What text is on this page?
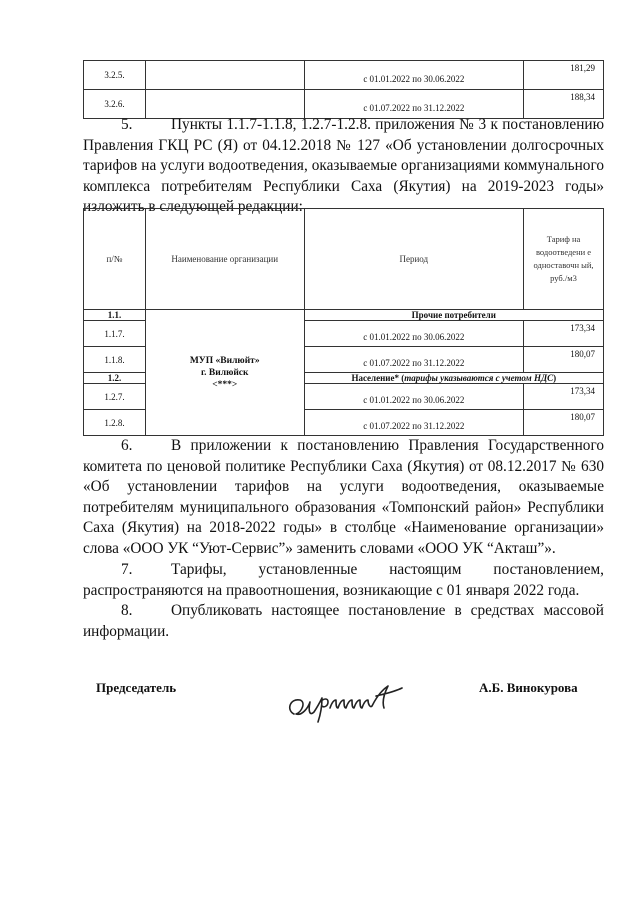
3.2.5.		с 01.01.2022 по 30.06.2022	181,29

3.2.6.		с 01.07.2022 по 31.12.2022	188,34
5.	Пункты 1.1.7-1.1.8, 1.2.7-1.2.8. приложения № 3 к постановлению Правления ГКЦ РС (Я) от 04.12.2018 № 127 «Об установлении долгосрочных тарифов на услуги водоотведения, оказываемые организациями коммунального комплекса потребителям Республики Саха (Якутия) на 2019-2023 годы» изложить в следующей редакции:
п/№	Наименование организации	Период	Тариф на водоотведени е одноставочн ый, руб./м3
1.1.	МУП «Вилюйт»
г. Вилюйск
<***>	Прочие потребители	
1.1.7.		с 01.01.2022 по 30.06.2022	173,34

1.1.8.		с 01.07.2022 по 31.12.2022	180,07

1.2.		Население* (тарифы указываются с учетом НДС)	
1.2.7.		с 01.01.2022 по 30.06.2022	173,34

1.2.8.		с 01.07.2022 по 31.12.2022	180,07
6.	В приложении к постановлению Правления Государственного комитета по ценовой политике Республики Саха (Якутия) от 08.12.2017 № 630 «Об установлении тарифов на услуги водоотведения, оказываемые потребителям муниципального образования «Томпонский район» Республики Саха (Якутия) на 2018-2022 годы» в столбце «Наименование организации» слова «ООО УК “Уют-Сервис”» заменить словами «ООО УК “Акташ”».
7.	Тарифы, установленные настоящим постановлением, распространяются на правоотношения, возникающие с 01 января 2022 года.
8.	Опубликовать настоящее постановление в средствах массовой информации.
Председатель	А.Б. Винокурова
